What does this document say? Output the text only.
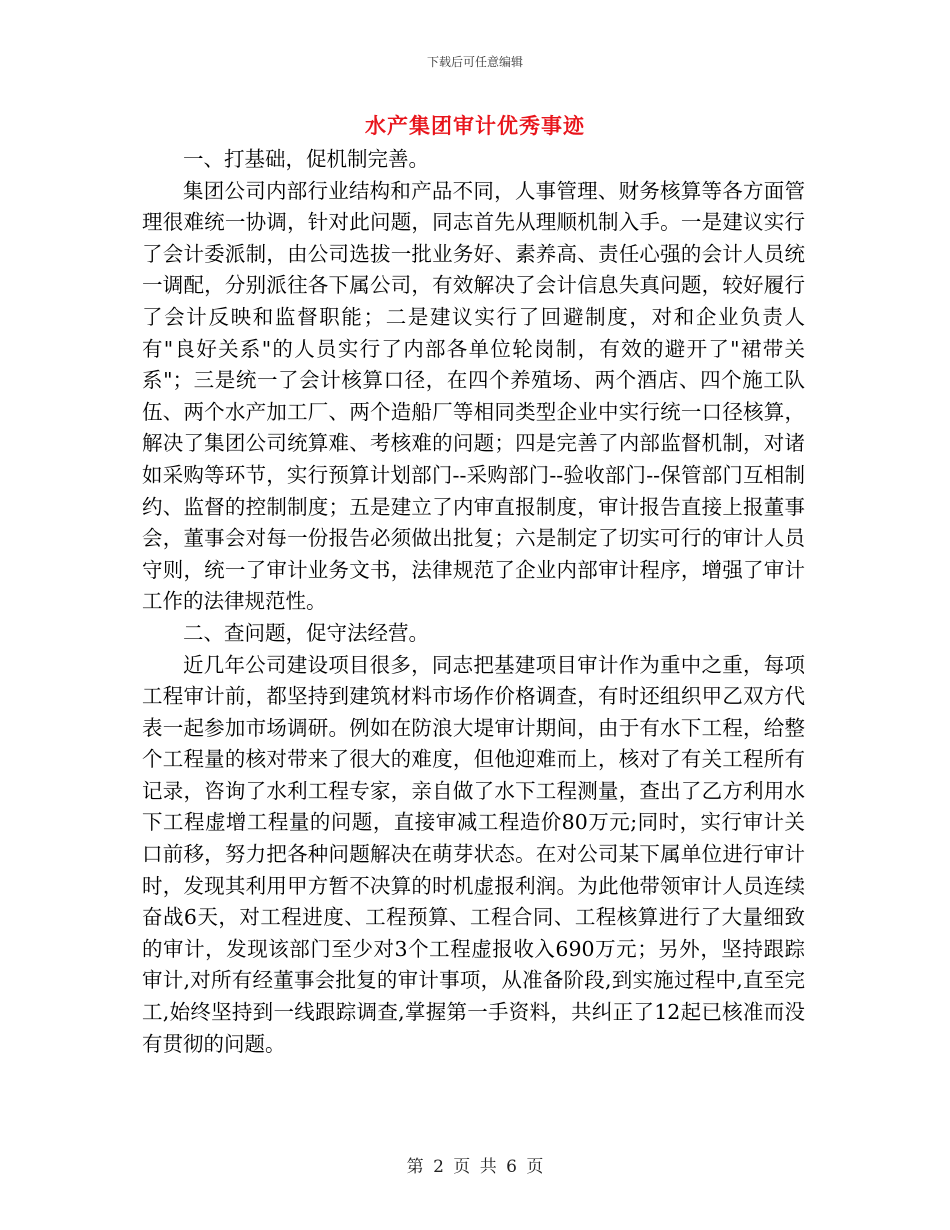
下载后可任意编辑
水产集团审计优秀事迹

一、打基础，促机制完善。

集团公司内部行业结构和产品不同，人事管理、财务核算等各方面管理很难统一协调，针对此问题，同志首先从理顺机制入手。一是建议实行了会计委派制，由公司选拔一批业务好、素养高、责任心强的会计人员统一调配，分别派往各下属公司，有效解决了会计信息失真问题，较好履行了会计反映和监督职能；二是建议实行了回避制度，对和企业负责人有"良好关系"的人员实行了内部各单位轮岗制，有效的避开了"裙带关系"；三是统一了会计核算口径，在四个养殖场、两个酒店、四个施工队伍、两个水产加工厂、两个造船厂等相同类型企业中实行统一口径核算，解决了集团公司统算难、考核难的问题；四是完善了内部监督机制，对诸如采购等环节，实行预算计划部门--采购部门--验收部门--保管部门互相制约、监督的控制制度；五是建立了内审直报制度，审计报告直接上报董事会，董事会对每一份报告必须做出批复；六是制定了切实可行的审计人员守则，统一了审计业务文书，法律规范了企业内部审计程序，增强了审计工作的法律规范性。

二、查问题，促守法经营。

近几年公司建设项目很多，同志把基建项目审计作为重中之重，每项工程审计前，都坚持到建筑材料市场作价格调查，有时还组织甲乙双方代表一起参加市场调研。例如在防浪大堤审计期间，由于有水下工程，给整个工程量的核对带来了很大的难度，但他迎难而上，核对了有关工程所有记录，咨询了水利工程专家，亲自做了水下工程测量，查出了乙方利用水下工程虚增工程量的问题，直接审减工程造价80万元;同时，实行审计关口前移，努力把各种问题解决在萌芽状态。在对公司某下属单位进行审计时，发现其利用甲方暂不决算的时机虚报利润。为此他带领审计人员连续奋战6天，对工程进度、工程预算、工程合同、工程核算进行了大量细致的审计，发现该部门至少对3个工程虚报收入690万元；另外，坚持跟踪审计,对所有经董事会批复的审计事项，从准备阶段,到实施过程中,直至完工,始终坚持到一线跟踪调查,掌握第一手资料，共纠正了12起已核准而没有贯彻的问题。

第 2 页 共 6 页
